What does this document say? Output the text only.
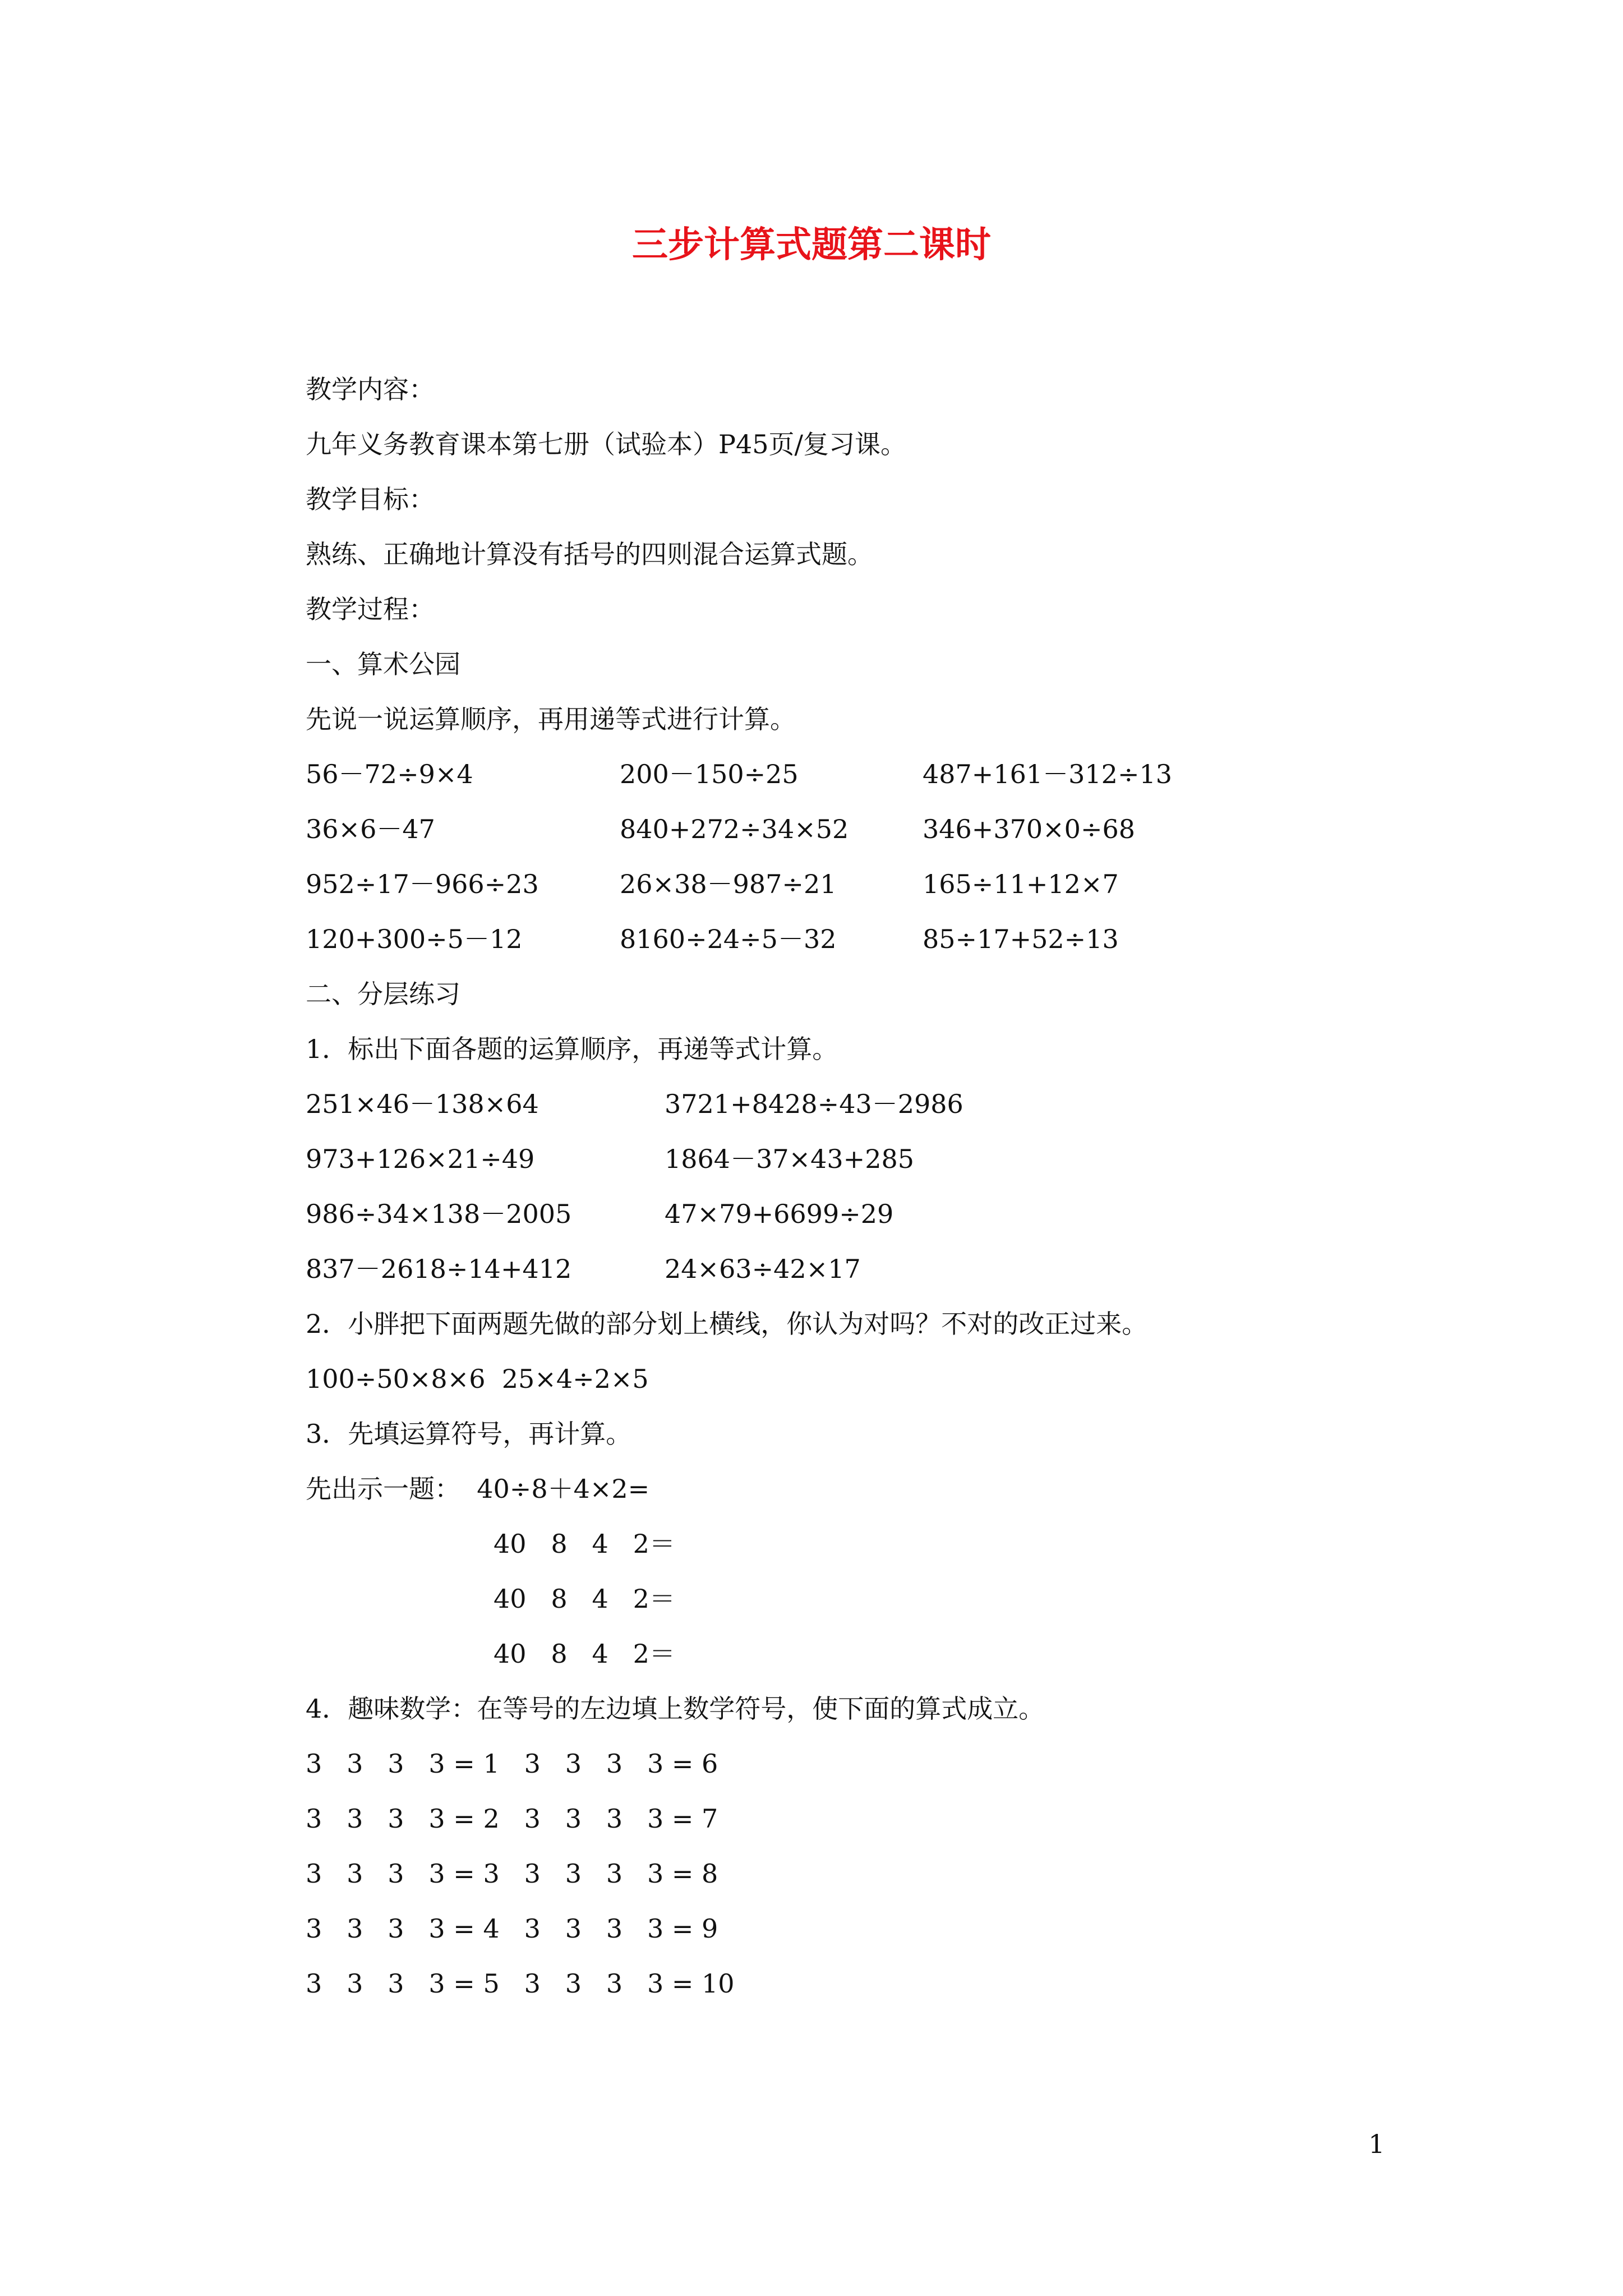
三步计算式题第二课时
教学内容：
九年义务教育课本第七册（试验本）P45页/复习课。
教学目标：
熟练、正确地计算没有括号的四则混合运算式题。
教学过程：
一、算术公园
先说一说运算顺序，再用递等式进行计算。
56－72÷9×4	200－150÷25	487+161－312÷13
36×6－47	840+272÷34×52	346+370×0÷68
952÷17－966÷23	26×38－987÷21	165÷11+12×7
120+300÷5－12	8160÷24÷5－32	85÷17+52÷13
二、分层练习
1．标出下面各题的运算顺序，再递等式计算。
251×46－138×64	3721+8428÷43－2986
973+126×21÷49	1864－37×43+285
986÷34×138－2005	47×79+6699÷29
837－2618÷14+412	24×63÷42×17
2．小胖把下面两题先做的部分划上横线，你认为对吗？不对的改正过来。
100÷50×8×6  25×4÷2×5
3．先填运算符号，再计算。
先出示一题：  40÷8＋4×2=
40   8   4   2＝
40   8   4   2＝
40   8   4   2＝
4．趣味数学：在等号的左边填上数学符号，使下面的算式成立。
3   3   3   3 = 1   3   3   3   3 = 6
3   3   3   3 = 2   3   3   3   3 = 7
3   3   3   3 = 3   3   3   3   3 = 8
3   3   3   3 = 4   3   3   3   3 = 9
3   3   3   3 = 5   3   3   3   3 = 10
1
